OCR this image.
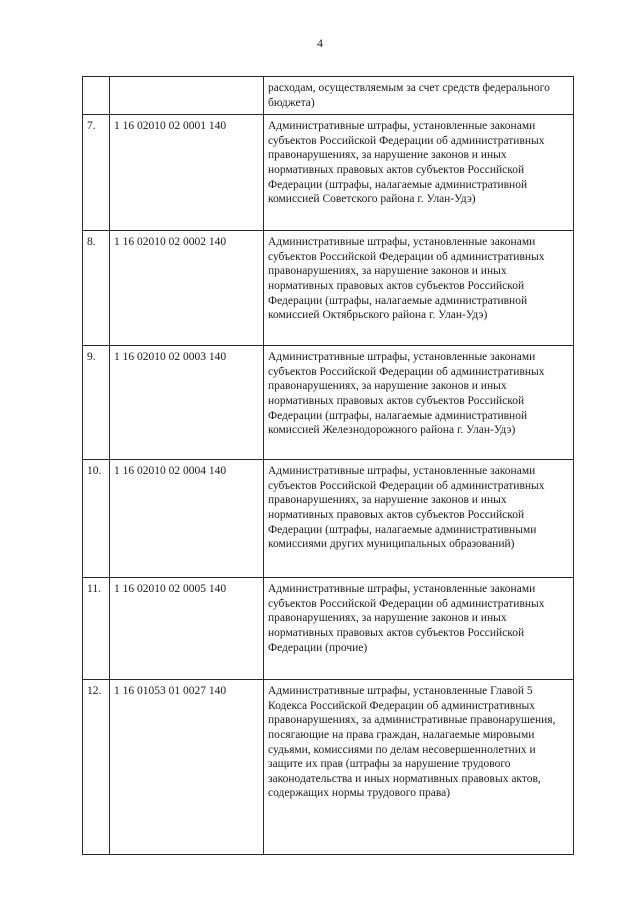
4
		расходам, осуществляемым за счет средств федерального бюджета)
7.	1 16 02010 02 0001 140	Административные штрафы, установленные законами субъектов Российской Федерации об административных правонарушениях, за нарушение законов и иных нормативных правовых актов субъектов Российской Федерации (штрафы, налагаемые административной комиссией Советского района г. Улан-Удэ)
8.	1 16 02010 02 0002 140	Административные штрафы, установленные законами субъектов Российской Федерации об административных правонарушениях, за нарушение законов и иных нормативных правовых актов субъектов Российской Федерации (штрафы, налагаемые административной комиссией Октябрьского района г. Улан-Удэ)
9.	1 16 02010 02 0003 140	Административные штрафы, установленные законами субъектов Российской Федерации об административных правонарушениях, за нарушение законов и иных нормативных правовых актов субъектов Российской Федерации (штрафы, налагаемые административной комиссией Железнодорожного района г. Улан-Удэ)
10.	1 16 02010 02 0004 140	Административные штрафы, установленные законами субъектов Российской Федерации об административных правонарушениях, за нарушение законов и иных нормативных правовых актов субъектов Российской Федерации (штрафы, налагаемые административными комиссиями других муниципальных образований)
11.	1 16 02010 02 0005 140	Административные штрафы, установленные законами субъектов Российской Федерации об административных правонарушениях, за нарушение законов и иных нормативных правовых актов субъектов Российской Федерации (прочие)
12.	1 16 01053 01 0027 140	Административные штрафы, установленные Главой 5 Кодекса Российской Федерации об административных правонарушениях, за административные правонарушения, посягающие на права граждан, налагаемые мировыми судьями, комиссиями по делам несовершеннолетних и защите их прав (штрафы за нарушение трудового законодательства и иных нормативных правовых актов, содержащих нормы трудового права)
